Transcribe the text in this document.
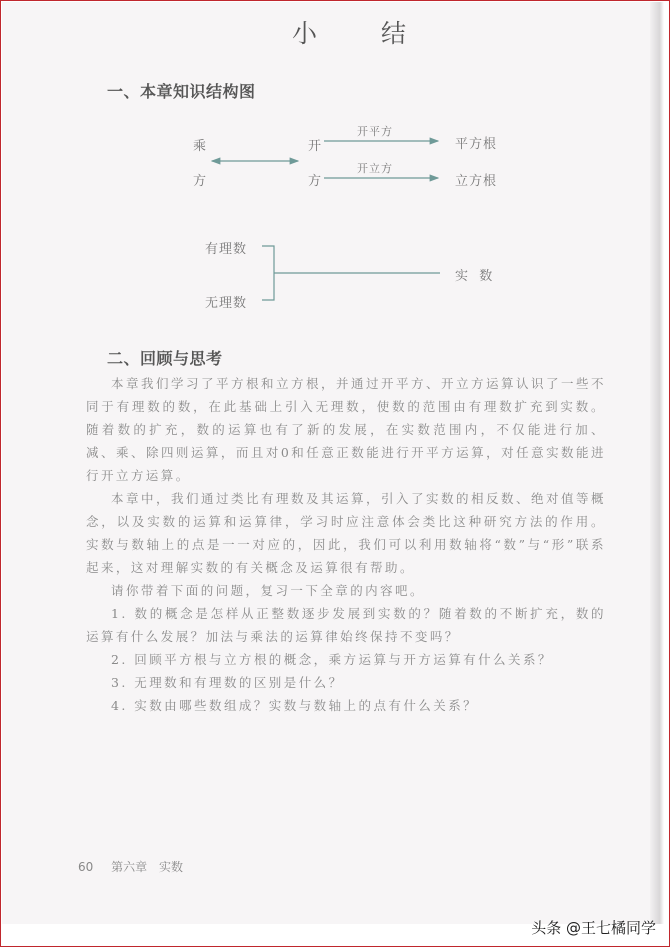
小 结
一、本章知识结构图
乘
方
开
方
开平方
开立方
平方根
立方根
有理数
无理数
实  数
二、回顾与思考

本章我们学习了平方根和立方根，并通过开平方、开立方运算认识了一些不同于有理数的数，在此基础上引入无理数，使数的范围由有理数扩充到实数。随着数的扩充，数的运算也有了新的发展，在实数范围内，不仅能进行加、减、乘、除四则运算，而且对0和任意正数能进行开平方运算，对任意实数能进行开立方运算。

本章中，我们通过类比有理数及其运算，引入了实数的相反数、绝对值等概念，以及实数的运算和运算律，学习时应注意体会类比这种研究方法的作用。实数与数轴上的点是一一对应的，因此，我们可以利用数轴将“数”与“形”联系起来，这对理解实数的有关概念及运算很有帮助。

请你带着下面的问题，复习一下全章的内容吧。

1. 数的概念是怎样从正整数逐步发展到实数的？随着数的不断扩充，数的运算有什么发展？加法与乘法的运算律始终保持不变吗？

2. 回顾平方根与立方根的概念，乘方运算与开方运算有什么关系？

3. 无理数和有理数的区别是什么？

4. 实数由哪些数组成？实数与数轴上的点有什么关系？

60 第六章 实数
头条 @王七橘同学
